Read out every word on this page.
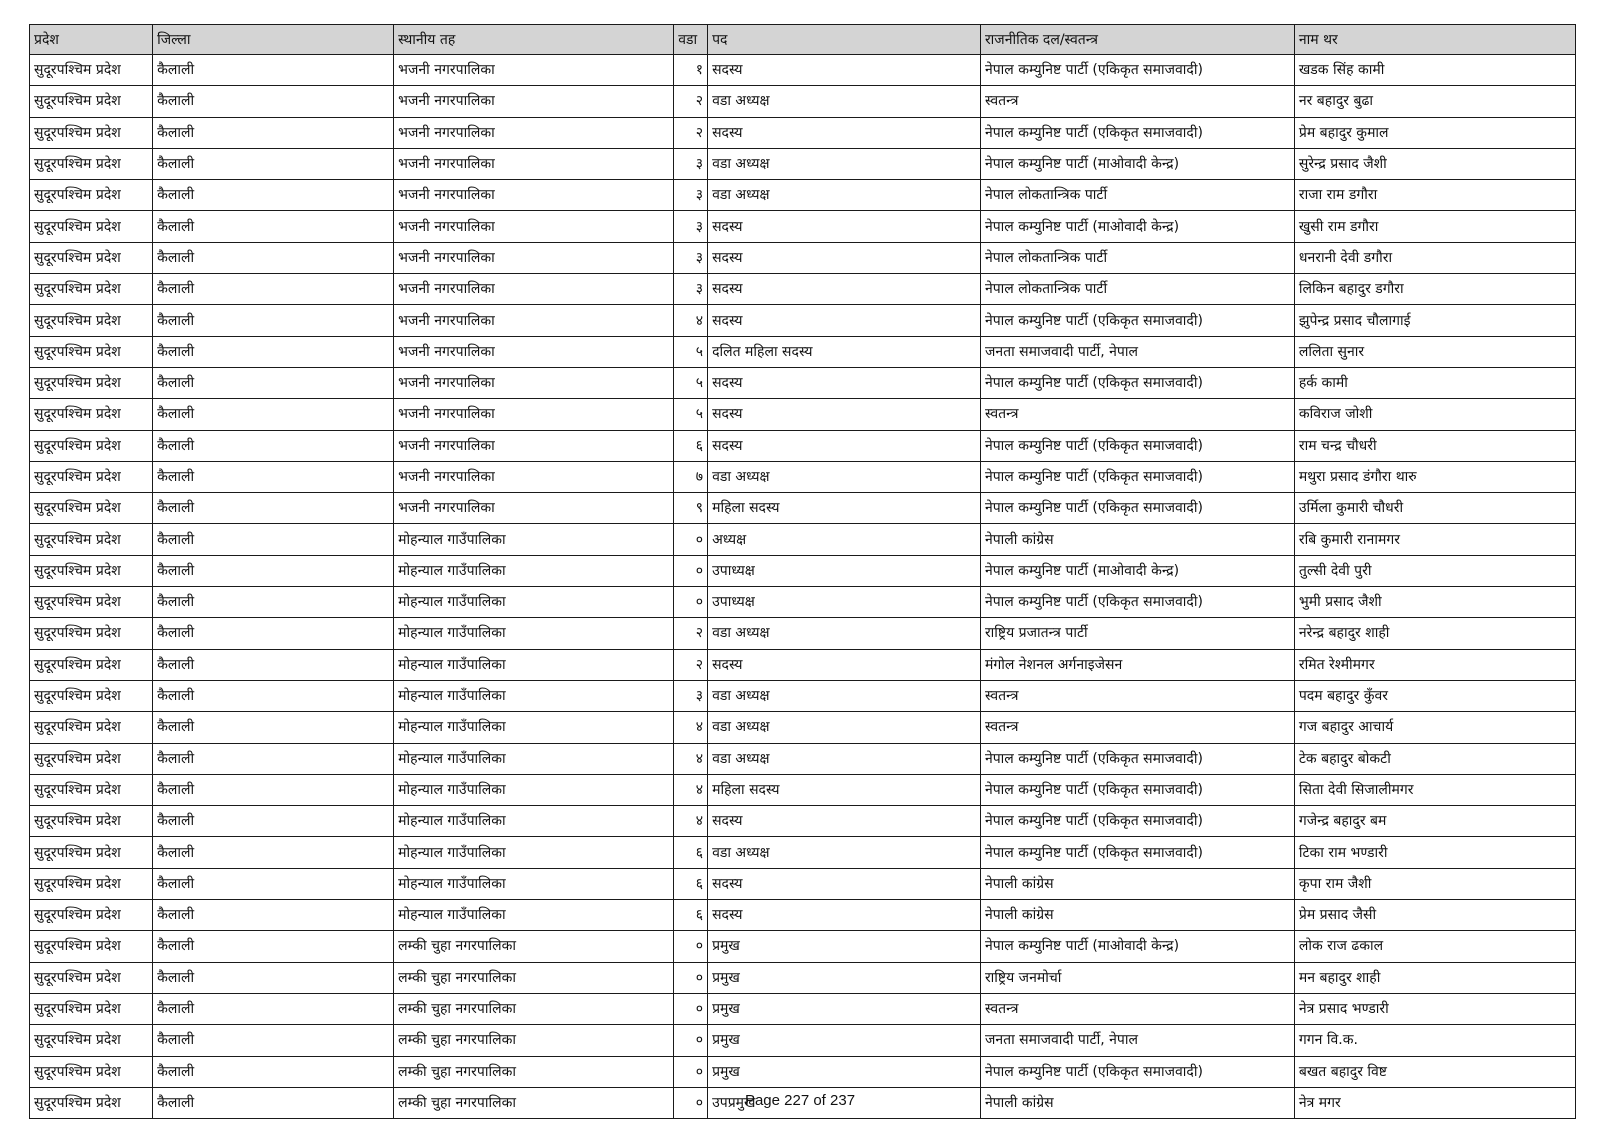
प्रदेश	जिल्ला	स्थानीय तह	वडा	पद	राजनीतिक दल/स्वतन्त्र	नाम थर
सुदूरपश्चिम प्रदेश	कैलाली	भजनी नगरपालिका	१	सदस्य	नेपाल कम्युनिष्ट पार्टी (एकिकृत समाजवादी)	खडक सिंह कामी
सुदूरपश्चिम प्रदेश	कैलाली	भजनी नगरपालिका	२	वडा अध्यक्ष	स्वतन्त्र	नर बहादुर बुढा
सुदूरपश्चिम प्रदेश	कैलाली	भजनी नगरपालिका	२	सदस्य	नेपाल कम्युनिष्ट पार्टी (एकिकृत समाजवादी)	प्रेम बहादुर कुमाल
सुदूरपश्चिम प्रदेश	कैलाली	भजनी नगरपालिका	३	वडा अध्यक्ष	नेपाल कम्युनिष्ट पार्टी (माओवादी केन्द्र)	सुरेन्द्र प्रसाद जैशी
सुदूरपश्चिम प्रदेश	कैलाली	भजनी नगरपालिका	३	वडा अध्यक्ष	नेपाल लोकतान्त्रिक पार्टी	राजा राम डगौरा
सुदूरपश्चिम प्रदेश	कैलाली	भजनी नगरपालिका	३	सदस्य	नेपाल कम्युनिष्ट पार्टी (माओवादी केन्द्र)	खुसी राम डगौरा
सुदूरपश्चिम प्रदेश	कैलाली	भजनी नगरपालिका	३	सदस्य	नेपाल लोकतान्त्रिक पार्टी	धनरानी देवी डगौरा
सुदूरपश्चिम प्रदेश	कैलाली	भजनी नगरपालिका	३	सदस्य	नेपाल लोकतान्त्रिक पार्टी	लिकिन बहादुर डगौरा
सुदूरपश्चिम प्रदेश	कैलाली	भजनी नगरपालिका	४	सदस्य	नेपाल कम्युनिष्ट पार्टी (एकिकृत समाजवादी)	झुपेन्द्र प्रसाद चौलागाई
सुदूरपश्चिम प्रदेश	कैलाली	भजनी नगरपालिका	५	दलित महिला सदस्य	जनता समाजवादी पार्टी, नेपाल	ललिता सुनार
सुदूरपश्चिम प्रदेश	कैलाली	भजनी नगरपालिका	५	सदस्य	नेपाल कम्युनिष्ट पार्टी (एकिकृत समाजवादी)	हर्क कामी
सुदूरपश्चिम प्रदेश	कैलाली	भजनी नगरपालिका	५	सदस्य	स्वतन्त्र	कविराज जोशी
सुदूरपश्चिम प्रदेश	कैलाली	भजनी नगरपालिका	६	सदस्य	नेपाल कम्युनिष्ट पार्टी (एकिकृत समाजवादी)	राम चन्द्र चौधरी
सुदूरपश्चिम प्रदेश	कैलाली	भजनी नगरपालिका	७	वडा अध्यक्ष	नेपाल कम्युनिष्ट पार्टी (एकिकृत समाजवादी)	मथुरा प्रसाद डंगौरा थारु
सुदूरपश्चिम प्रदेश	कैलाली	भजनी नगरपालिका	९	महिला सदस्य	नेपाल कम्युनिष्ट पार्टी (एकिकृत समाजवादी)	उर्मिला कुमारी चौधरी
सुदूरपश्चिम प्रदेश	कैलाली	मोहन्याल गाउँपालिका	०	अध्यक्ष	नेपाली कांग्रेस	रबि कुमारी रानामगर
सुदूरपश्चिम प्रदेश	कैलाली	मोहन्याल गाउँपालिका	०	उपाध्यक्ष	नेपाल कम्युनिष्ट पार्टी (माओवादी केन्द्र)	तुल्सी देवी पुरी
सुदूरपश्चिम प्रदेश	कैलाली	मोहन्याल गाउँपालिका	०	उपाध्यक्ष	नेपाल कम्युनिष्ट पार्टी (एकिकृत समाजवादी)	भुमी प्रसाद जैशी
सुदूरपश्चिम प्रदेश	कैलाली	मोहन्याल गाउँपालिका	२	वडा अध्यक्ष	राष्ट्रिय प्रजातन्त्र पार्टी	नरेन्द्र बहादुर शाही
सुदूरपश्चिम प्रदेश	कैलाली	मोहन्याल गाउँपालिका	२	सदस्य	मंगोल नेशनल अर्गनाइजेसन	रमित रेश्मीमगर
सुदूरपश्चिम प्रदेश	कैलाली	मोहन्याल गाउँपालिका	३	वडा अध्यक्ष	स्वतन्त्र	पदम बहादुर कुँवर
सुदूरपश्चिम प्रदेश	कैलाली	मोहन्याल गाउँपालिका	४	वडा अध्यक्ष	स्वतन्त्र	गज बहादुर आचार्य
सुदूरपश्चिम प्रदेश	कैलाली	मोहन्याल गाउँपालिका	४	वडा अध्यक्ष	नेपाल कम्युनिष्ट पार्टी (एकिकृत समाजवादी)	टेक बहादुर बोकटी
सुदूरपश्चिम प्रदेश	कैलाली	मोहन्याल गाउँपालिका	४	महिला सदस्य	नेपाल कम्युनिष्ट पार्टी (एकिकृत समाजवादी)	सिता देवी सिजालीमगर
सुदूरपश्चिम प्रदेश	कैलाली	मोहन्याल गाउँपालिका	४	सदस्य	नेपाल कम्युनिष्ट पार्टी (एकिकृत समाजवादी)	गजेन्द्र बहादुर बम
सुदूरपश्चिम प्रदेश	कैलाली	मोहन्याल गाउँपालिका	६	वडा अध्यक्ष	नेपाल कम्युनिष्ट पार्टी (एकिकृत समाजवादी)	टिका राम भण्डारी
सुदूरपश्चिम प्रदेश	कैलाली	मोहन्याल गाउँपालिका	६	सदस्य	नेपाली कांग्रेस	कृपा राम जैशी
सुदूरपश्चिम प्रदेश	कैलाली	मोहन्याल गाउँपालिका	६	सदस्य	नेपाली कांग्रेस	प्रेम प्रसाद जैसी
सुदूरपश्चिम प्रदेश	कैलाली	लम्की चुहा नगरपालिका	०	प्रमुख	नेपाल कम्युनिष्ट पार्टी (माओवादी केन्द्र)	लोक राज ढकाल
सुदूरपश्चिम प्रदेश	कैलाली	लम्की चुहा नगरपालिका	०	प्रमुख	राष्ट्रिय जनमोर्चा	मन बहादुर शाही
सुदूरपश्चिम प्रदेश	कैलाली	लम्की चुहा नगरपालिका	०	प्रमुख	स्वतन्त्र	नेत्र प्रसाद भण्डारी
सुदूरपश्चिम प्रदेश	कैलाली	लम्की चुहा नगरपालिका	०	प्रमुख	जनता समाजवादी पार्टी, नेपाल	गगन वि.क.
सुदूरपश्चिम प्रदेश	कैलाली	लम्की चुहा नगरपालिका	०	प्रमुख	नेपाल कम्युनिष्ट पार्टी (एकिकृत समाजवादी)	बखत बहादुर विष्ट
सुदूरपश्चिम प्रदेश	कैलाली	लम्की चुहा नगरपालिका	०	उपप्रमुख	नेपाली कांग्रेस	नेत्र मगर
Page 227 of 237
